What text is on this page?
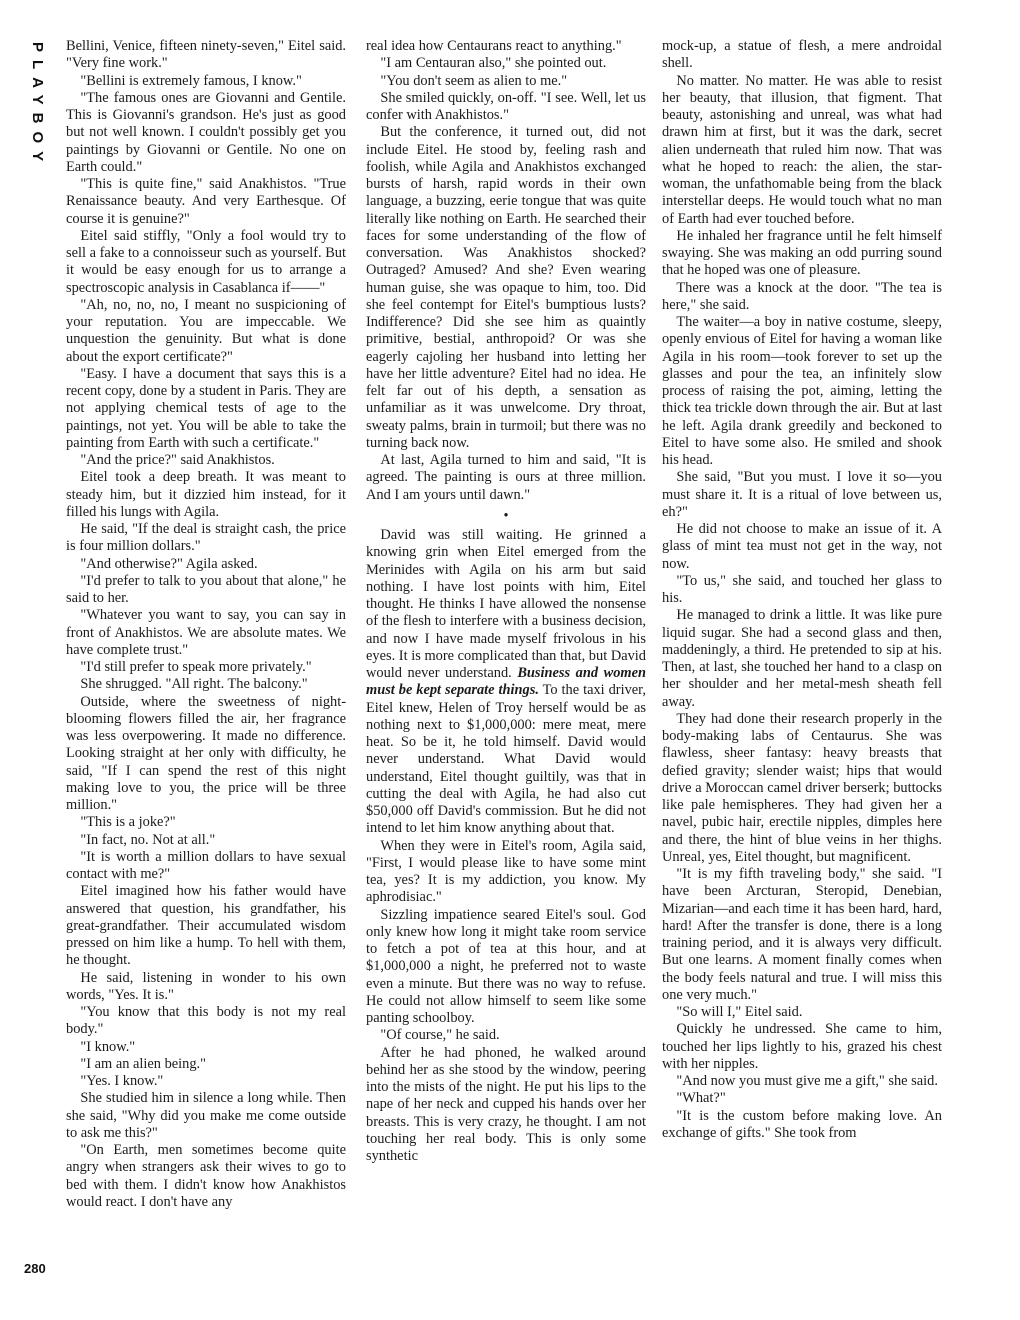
PLAYBOY
280

Bellini, Venice, fifteen ninety-seven," Eitel said. "Very fine work."

"Bellini is extremely famous, I know."

"The famous ones are Giovanni and Gentile. This is Giovanni's grandson. He's just as good but not well known. I couldn't possibly get you paintings by Giovanni or Gentile. No one on Earth could."

"This is quite fine," said Anakhistos. "True Renaissance beauty. And very Earthesque. Of course it is genuine?"

Eitel said stiffly, "Only a fool would try to sell a fake to a connoisseur such as yourself. But it would be easy enough for us to arrange a spectroscopic analysis in Casablanca if——"

"Ah, no, no, no, I meant no suspicioning of your reputation. You are impeccable. We unquestion the genuinity. But what is done about the export certificate?"

"Easy. I have a document that says this is a recent copy, done by a student in Paris. They are not applying chemical tests of age to the paintings, not yet. You will be able to take the painting from Earth with such a certificate."

"And the price?" said Anakhistos.

Eitel took a deep breath. It was meant to steady him, but it dizzied him instead, for it filled his lungs with Agila.

He said, "If the deal is straight cash, the price is four million dollars."

"And otherwise?" Agila asked.

"I'd prefer to talk to you about that alone," he said to her.

"Whatever you want to say, you can say in front of Anakhistos. We are absolute mates. We have complete trust."

"I'd still prefer to speak more privately."

She shrugged. "All right. The balcony."

Outside, where the sweetness of night-blooming flowers filled the air, her fragrance was less overpowering. It made no difference. Looking straight at her only with difficulty, he said, "If I can spend the rest of this night making love to you, the price will be three million."

"This is a joke?"

"In fact, no. Not at all."

"It is worth a million dollars to have sexual contact with me?"

Eitel imagined how his father would have answered that question, his grandfather, his great-grandfather. Their accumulated wisdom pressed on him like a hump. To hell with them, he thought.

He said, listening in wonder to his own words, "Yes. It is."

"You know that this body is not my real body."

"I know."

"I am an alien being."

"Yes. I know."

She studied him in silence a long while. Then she said, "Why did you make me come outside to ask me this?"

"On Earth, men sometimes become quite angry when strangers ask their wives to go to bed with them. I didn't know how Anakhistos would react. I don't have any

real idea how Centaurans react to anything."

"I am Centauran also," she pointed out.

"You don't seem as alien to me."

She smiled quickly, on-off. "I see. Well, let us confer with Anakhistos."

But the conference, it turned out, did not include Eitel. He stood by, feeling rash and foolish, while Agila and Anakhistos exchanged bursts of harsh, rapid words in their own language, a buzzing, eerie tongue that was quite literally like nothing on Earth. He searched their faces for some understanding of the flow of conversation. Was Anakhistos shocked? Outraged? Amused? And she? Even wearing human guise, she was opaque to him, too. Did she feel contempt for Eitel's bumptious lusts? Indifference? Did she see him as quaintly primitive, bestial, anthropoid? Or was she eagerly cajoling her husband into letting her have her little adventure? Eitel had no idea. He felt far out of his depth, a sensation as unfamiliar as it was unwelcome. Dry throat, sweaty palms, brain in turmoil; but there was no turning back now.

At last, Agila turned to him and said, "It is agreed. The painting is ours at three million. And I am yours until dawn."

•

David was still waiting. He grinned a knowing grin when Eitel emerged from the Merinides with Agila on his arm but said nothing. I have lost points with him, Eitel thought. He thinks I have allowed the nonsense of the flesh to interfere with a business decision, and now I have made myself frivolous in his eyes. It is more complicated than that, but David would never understand. Business and women must be kept separate things. To the taxi driver, Eitel knew, Helen of Troy herself would be as nothing next to $1,000,000: mere meat, mere heat. So be it, he told himself. David would never understand. What David would understand, Eitel thought guiltily, was that in cutting the deal with Agila, he had also cut $50,000 off David's commission. But he did not intend to let him know anything about that.

When they were in Eitel's room, Agila said, "First, I would please like to have some mint tea, yes? It is my addiction, you know. My aphrodisiac."

Sizzling impatience seared Eitel's soul. God only knew how long it might take room service to fetch a pot of tea at this hour, and at $1,000,000 a night, he preferred not to waste even a minute. But there was no way to refuse. He could not allow himself to seem like some panting schoolboy.

"Of course," he said.

After he had phoned, he walked around behind her as she stood by the window, peering into the mists of the night. He put his lips to the nape of her neck and cupped his hands over her breasts. This is very crazy, he thought. I am not touching her real body. This is only some synthetic

mock-up, a statue of flesh, a mere androidal shell.

No matter. No matter. He was able to resist her beauty, that illusion, that figment. That beauty, astonishing and unreal, was what had drawn him at first, but it was the dark, secret alien underneath that ruled him now. That was what he hoped to reach: the alien, the star-woman, the unfathomable being from the black interstellar deeps. He would touch what no man of Earth had ever touched before.

He inhaled her fragrance until he felt himself swaying. She was making an odd purring sound that he hoped was one of pleasure.

There was a knock at the door. "The tea is here," she said.

The waiter—a boy in native costume, sleepy, openly envious of Eitel for having a woman like Agila in his room—took forever to set up the glasses and pour the tea, an infinitely slow process of raising the pot, aiming, letting the thick tea trickle down through the air. But at last he left. Agila drank greedily and beckoned to Eitel to have some also. He smiled and shook his head.

She said, "But you must. I love it so—you must share it. It is a ritual of love between us, eh?"

He did not choose to make an issue of it. A glass of mint tea must not get in the way, not now.

"To us," she said, and touched her glass to his.

He managed to drink a little. It was like pure liquid sugar. She had a second glass and then, maddeningly, a third. He pretended to sip at his. Then, at last, she touched her hand to a clasp on her shoulder and her metal-mesh sheath fell away.

They had done their research properly in the body-making labs of Centaurus. She was flawless, sheer fantasy: heavy breasts that defied gravity; slender waist; hips that would drive a Moroccan camel driver berserk; buttocks like pale hemispheres. They had given her a navel, pubic hair, erectile nipples, dimples here and there, the hint of blue veins in her thighs. Unreal, yes, Eitel thought, but magnificent.

"It is my fifth traveling body," she said. "I have been Arcturan, Steropid, Denebian, Mizarian—and each time it has been hard, hard, hard! After the transfer is done, there is a long training period, and it is always very difficult. But one learns. A moment finally comes when the body feels natural and true. I will miss this one very much."

"So will I," Eitel said.

Quickly he undressed. She came to him, touched her lips lightly to his, grazed his chest with her nipples.

"And now you must give me a gift," she said.

"What?"

"It is the custom before making love. An exchange of gifts." She took from
